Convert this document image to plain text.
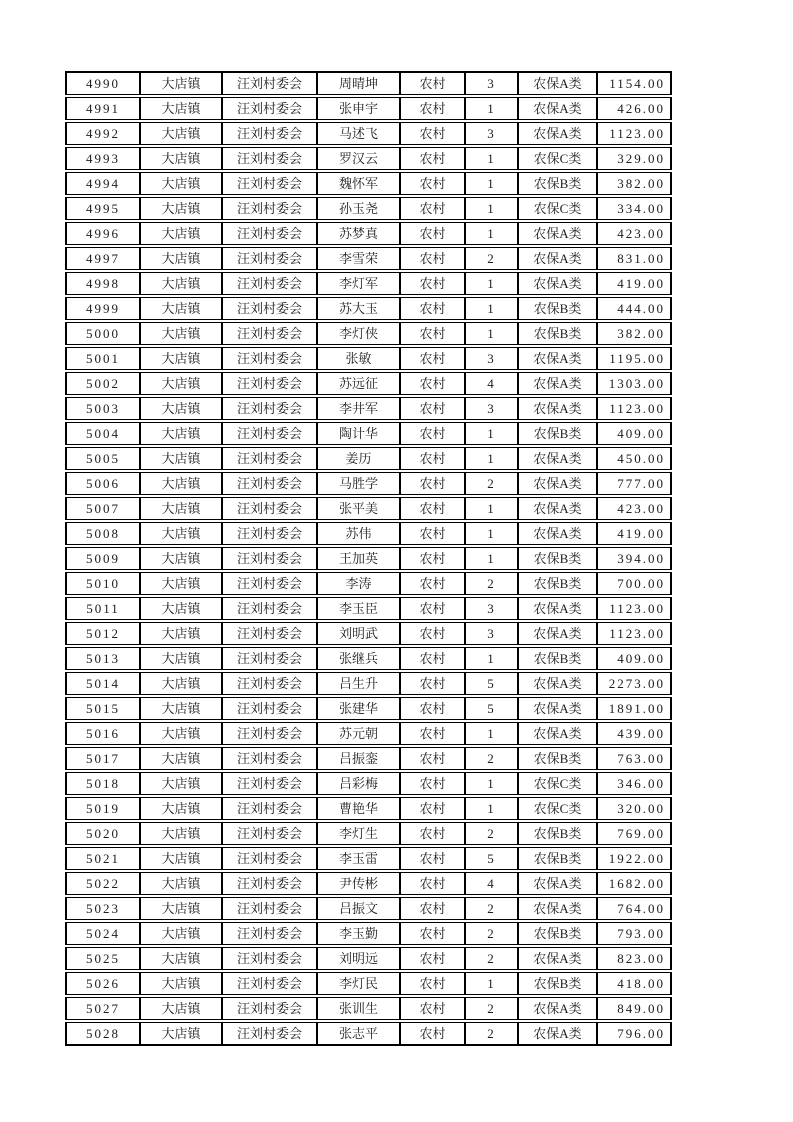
4990	大店镇	汪刘村委会	周晴坤	农村	3	农保A类	1154.00
4991	大店镇	汪刘村委会	张申宇	农村	1	农保A类	426.00
4992	大店镇	汪刘村委会	马述飞	农村	3	农保A类	1123.00
4993	大店镇	汪刘村委会	罗汉云	农村	1	农保C类	329.00
4994	大店镇	汪刘村委会	魏怀军	农村	1	农保B类	382.00
4995	大店镇	汪刘村委会	孙玉尧	农村	1	农保C类	334.00
4996	大店镇	汪刘村委会	苏梦真	农村	1	农保A类	423.00
4997	大店镇	汪刘村委会	李雪荣	农村	2	农保A类	831.00
4998	大店镇	汪刘村委会	李灯军	农村	1	农保A类	419.00
4999	大店镇	汪刘村委会	苏大玉	农村	1	农保B类	444.00
5000	大店镇	汪刘村委会	李灯侠	农村	1	农保B类	382.00
5001	大店镇	汪刘村委会	张敏	农村	3	农保A类	1195.00
5002	大店镇	汪刘村委会	苏远征	农村	4	农保A类	1303.00
5003	大店镇	汪刘村委会	李井军	农村	3	农保A类	1123.00
5004	大店镇	汪刘村委会	陶计华	农村	1	农保B类	409.00
5005	大店镇	汪刘村委会	姜历	农村	1	农保A类	450.00
5006	大店镇	汪刘村委会	马胜学	农村	2	农保A类	777.00
5007	大店镇	汪刘村委会	张平美	农村	1	农保A类	423.00
5008	大店镇	汪刘村委会	苏伟	农村	1	农保A类	419.00
5009	大店镇	汪刘村委会	王加英	农村	1	农保B类	394.00
5010	大店镇	汪刘村委会	李涛	农村	2	农保B类	700.00
5011	大店镇	汪刘村委会	李玉臣	农村	3	农保A类	1123.00
5012	大店镇	汪刘村委会	刘明武	农村	3	农保A类	1123.00
5013	大店镇	汪刘村委会	张继兵	农村	1	农保B类	409.00
5014	大店镇	汪刘村委会	吕生升	农村	5	农保A类	2273.00
5015	大店镇	汪刘村委会	张建华	农村	5	农保A类	1891.00
5016	大店镇	汪刘村委会	苏元朝	农村	1	农保A类	439.00
5017	大店镇	汪刘村委会	吕振銮	农村	2	农保B类	763.00
5018	大店镇	汪刘村委会	吕彩梅	农村	1	农保C类	346.00
5019	大店镇	汪刘村委会	曹艳华	农村	1	农保C类	320.00
5020	大店镇	汪刘村委会	李灯生	农村	2	农保B类	769.00
5021	大店镇	汪刘村委会	李玉雷	农村	5	农保B类	1922.00
5022	大店镇	汪刘村委会	尹传彬	农村	4	农保A类	1682.00
5023	大店镇	汪刘村委会	吕振文	农村	2	农保A类	764.00
5024	大店镇	汪刘村委会	李玉勤	农村	2	农保B类	793.00
5025	大店镇	汪刘村委会	刘明远	农村	2	农保A类	823.00
5026	大店镇	汪刘村委会	李灯民	农村	1	农保B类	418.00
5027	大店镇	汪刘村委会	张训生	农村	2	农保A类	849.00
5028	大店镇	汪刘村委会	张志平	农村	2	农保A类	796.00
